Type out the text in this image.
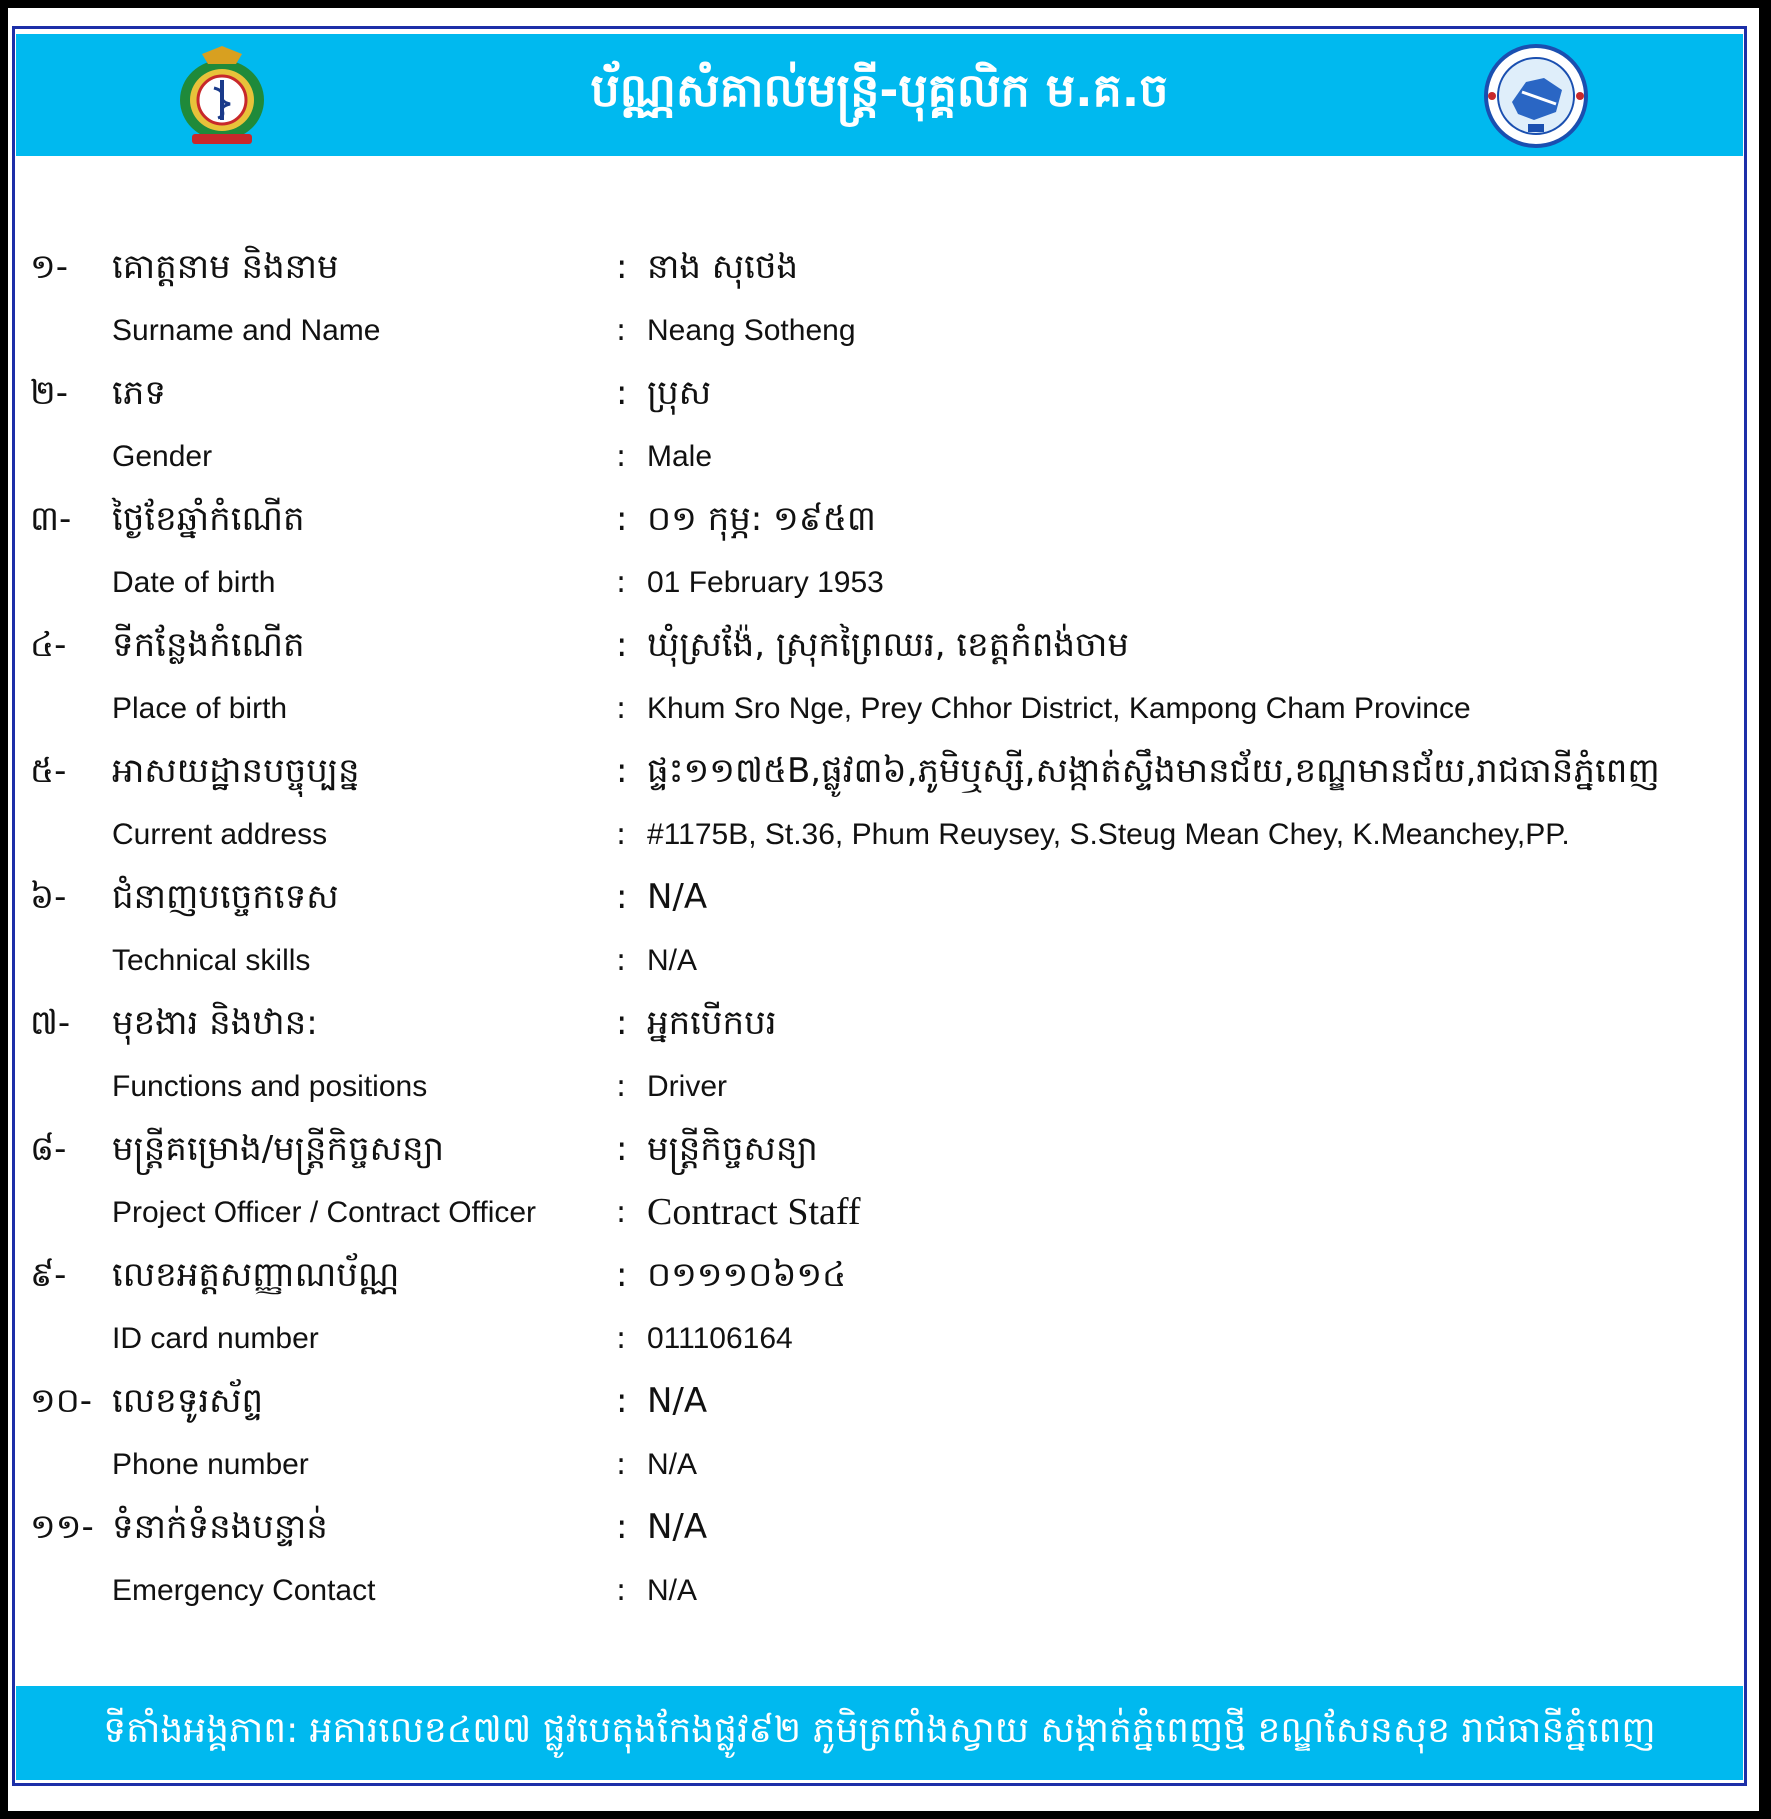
ប័ណ្ណសំគាល់មន្ត្រី-បុគ្គលិក ម.គ.ច
១- គោត្តនាម និងនាម	: នាង សុថេង
Surname and Name	: Neang Sotheng
២- ភេទ	: ប្រុស
Gender	: Male
៣- ថ្ងៃខែឆ្នាំកំណើត	: ០១ កុម្ភ: ១៩៥៣
Date of birth	: 01 February 1953
៤- ទីកន្លែងកំណើត	: ឃុំស្រង៉ែ, ស្រុកព្រៃឈរ, ខេត្តកំពង់ចាម
Place of birth	: Khum Sro Nge, Prey Chhor District, Kampong Cham Province
៥- អាសយដ្ឋានបច្ចុប្បន្ន	: ផ្ទះ១១៧៥B,ផ្លូវ៣៦,ភូមិឬស្សី,សង្កាត់ស្ទឹងមានជ័យ,ខណ្ឌមានជ័យ,រាជធានីភ្នំពេញ
Current address	: #1175B, St.36, Phum Reuysey, S.Steug Mean Chey, K.Meanchey,PP.
៦- ជំនាញបច្ចេកទេស	: N/A
Technical skills	: N/A
៧- មុខងារ និងឋាន:	: អ្នកបើកបរ
Functions and positions	: Driver
៨- មន្ត្រីគម្រោង/មន្ត្រីកិច្ចសន្យា	: មន្ត្រីកិច្ចសន្យា
Project Officer / Contract Officer	: Contract Staff
៩- លេខអត្តសញ្ញាណប័ណ្ណ	: ០១១១០៦១៤
ID card number	: 011106164
១០- លេខទូរស័ព្ទ	: N/A
Phone number	: N/A
១១- ទំនាក់ទំនងបន្ទាន់	: N/A
Emergency Contact	: N/A
ទីតាំងអង្គភាព: អគារលេខ៤៧៧ ផ្លូវបេតុងកែងផ្លូវ៩២ ភូមិត្រពាំងស្វាយ សង្កាត់ភ្នំពេញថ្មី ខណ្ឌសែនសុខ រាជធានីភ្នំពេញ
